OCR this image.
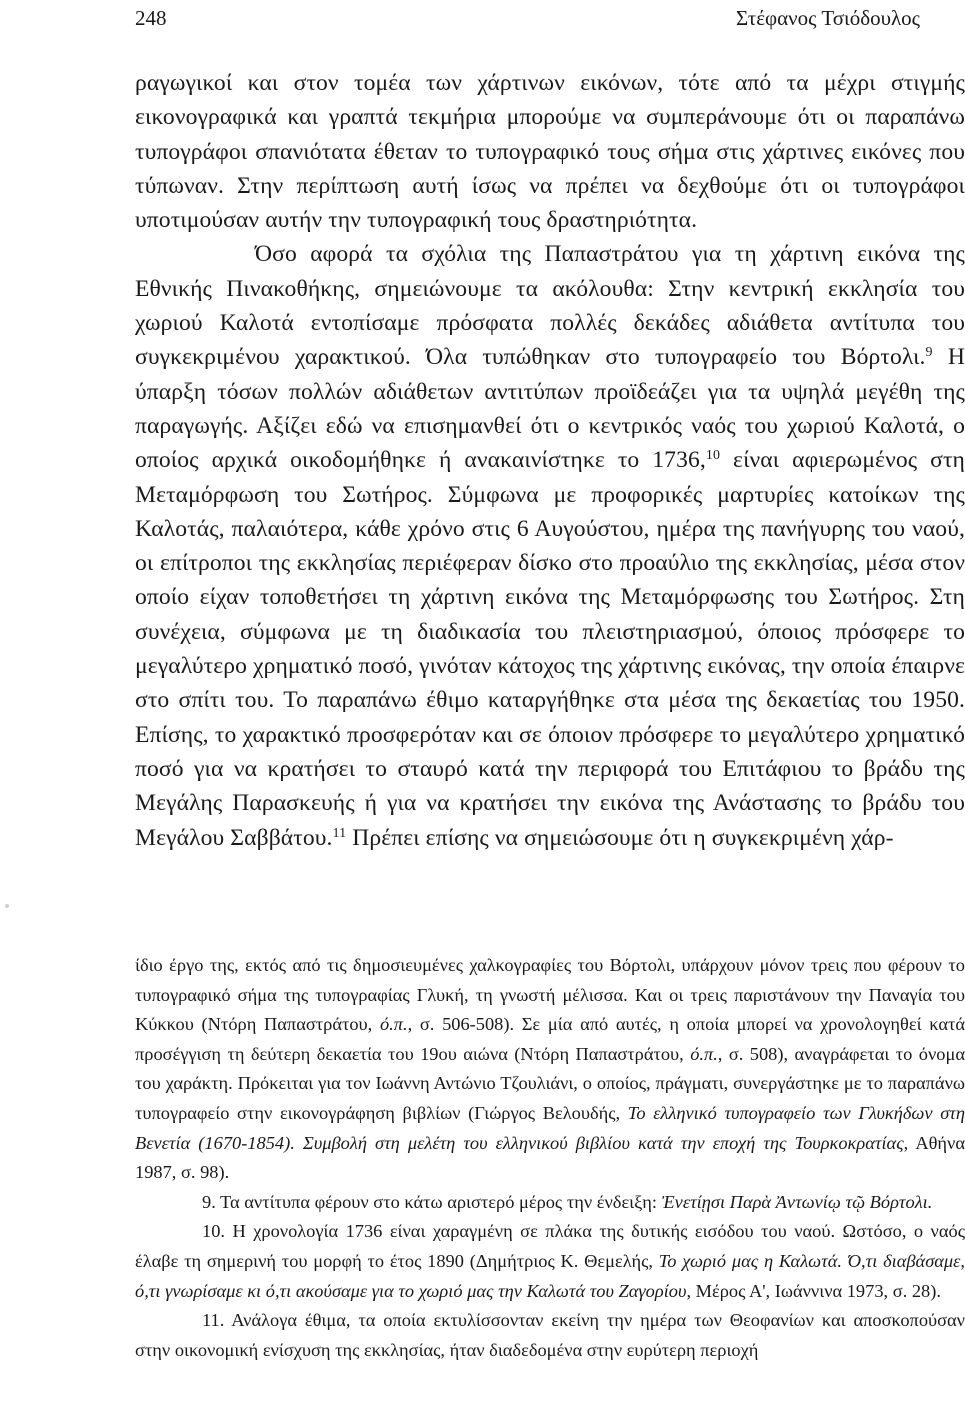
248	Στέφανος Τσιόδουλος

ραγωγικοί και στον τομέα των χάρτινων εικόνων, τότε από τα μέχρι στιγμής εικονογραφικά και γραπτά τεκμήρια μπορούμε να συμπεράνουμε ότι οι παραπάνω τυπογράφοι σπανιότατα έθεταν το τυπογραφικό τους σήμα στις χάρτινες εικόνες που τύπωναν. Στην περίπτωση αυτή ίσως να πρέπει να δεχθούμε ότι οι τυπογράφοι υποτιμούσαν αυτήν την τυπογραφική τους δραστηριότητα.

Όσο αφορά τα σχόλια της Παπαστράτου για τη χάρτινη εικόνα της Εθνικής Πινακοθήκης, σημειώνουμε τα ακόλουθα: Στην κεντρική εκκλησία του χωριού Καλοτά εντοπίσαμε πρόσφατα πολλές δεκάδες αδιάθετα αντίτυπα του συγκεκριμένου χαρακτικού. Όλα τυπώθηκαν στο τυπογραφείο του Βόρτολι.$^9$ Η ύπαρξη τόσων πολλών αδιάθετων αντιτύπων προϊδεάζει για τα υψηλά μεγέθη της παραγωγής. Αξίζει εδώ να επισημανθεί ότι ο κεντρικός ναός του χωριού Καλοτά, ο οποίος αρχικά οικοδομήθηκε ή ανακαινίστηκε το 1736,10 είναι αφιερωμένος στη Μεταμόρφωση του Σωτήρος. Σύμφωνα με προφορικές μαρτυρίες κατοίκων της Καλοτάς, παλαιότερα, κάθε χρόνο στις 6 Αυγούστου, ημέρα της πανήγυρης του ναού, οι επίτροποι της εκκλησίας περιέφεραν δίσκο στο προαύλιο της εκκλησίας, μέσα στον οποίο είχαν τοποθετήσει τη χάρτινη εικόνα της Μεταμόρφωσης του Σωτήρος. Στη συνέχεια, σύμφωνα με τη διαδικασία του πλειστηριασμού, όποιος πρόσφερε το μεγαλύτερο χρηματικό ποσό, γινόταν κάτοχος της χάρτινης εικόνας, την οποία έπαιρνε στο σπίτι του. Το παραπάνω έθιμο καταργήθηκε στα μέσα της δεκαετίας του 1950. Επίσης, το χαρακτικό προσφερόταν και σε όποιον πρόσφερε το μεγαλύτερο χρηματικό ποσό για να κρατήσει το σταυρό κατά την περιφορά του Επιτάφιου το βράδυ της Μεγάλης Παρασκευής ή για να κρατήσει την εικόνα της Ανάστασης το βράδυ του Μεγάλου Σαββάτου.$^{11}$ Πρέπει επίσης να σημειώσουμε ότι η συγκεκριμένη χάρ-

ίδιο έργο της, εκτός από τις δημοσιευμένες χαλκογραφίες του Βόρτολι, υπάρχουν μόνον τρεις που φέρουν το τυπογραφικό σήμα της τυπογραφίας Γλυκή, τη γνωστή μέλισσα. Και οι τρεις παριστάνουν την Παναγία του Κύκκου (Ντόρη Παπαστράτου, ό.π., σ. 506-508). Σε μία από αυτές, η οποία μπορεί να χρονολογηθεί κατά προσέγγιση τη δεύτερη δεκαετία του 19ου αιώνα (Ντόρη Παπαστράτου, ό.π., σ. 508), αναγράφεται το όνομα του χαράκτη. Πρόκειται για τον Ιωάννη Αντώνιο Τζουλιάνι, ο οποίος, πράγματι, συνεργάστηκε με το παραπάνω τυπογραφείο στην εικονογράφηση βιβλίων (Γιώργος Βελουδής, Το ελληνικό τυπογραφείο των Γλυκήδων στη Βενετία (1670-1854). Συμβολή στη μελέτη του ελληνικού βιβλίου κατά την εποχή της Τουρκοκρατίας, Αθήνα 1987, σ. 98).

9. Τα αντίτυπα φέρουν στο κάτω αριστερό μέρος την ένδειξη: Ἐνετίῃσι Παρὰ Ἀντωνίῳ τῷ Βόρτολι.

10. Η χρονολογία 1736 είναι χαραγμένη σε πλάκα της δυτικής εισόδου του ναού. Ωστόσο, ο ναός έλαβε τη σημερινή του μορφή το έτος 1890 (Δημήτριος Κ. Θεμελής, Το χωριό μας η Καλωτά. Ό,τι διαβάσαμε, ό,τι γνωρίσαμε κι ό,τι ακούσαμε για το χωριό μας την Καλωτά του Ζαγορίου, Μέρος Α', Ιωάννινα 1973, σ. 28).

11. Ανάλογα έθιμα, τα οποία εκτυλίσσονταν εκείνη την ημέρα των Θεοφανίων και αποσκοπούσαν στην οικονομική ενίσχυση της εκκλησίας, ήταν διαδεδομένα στην ευρύτερη περιοχή
